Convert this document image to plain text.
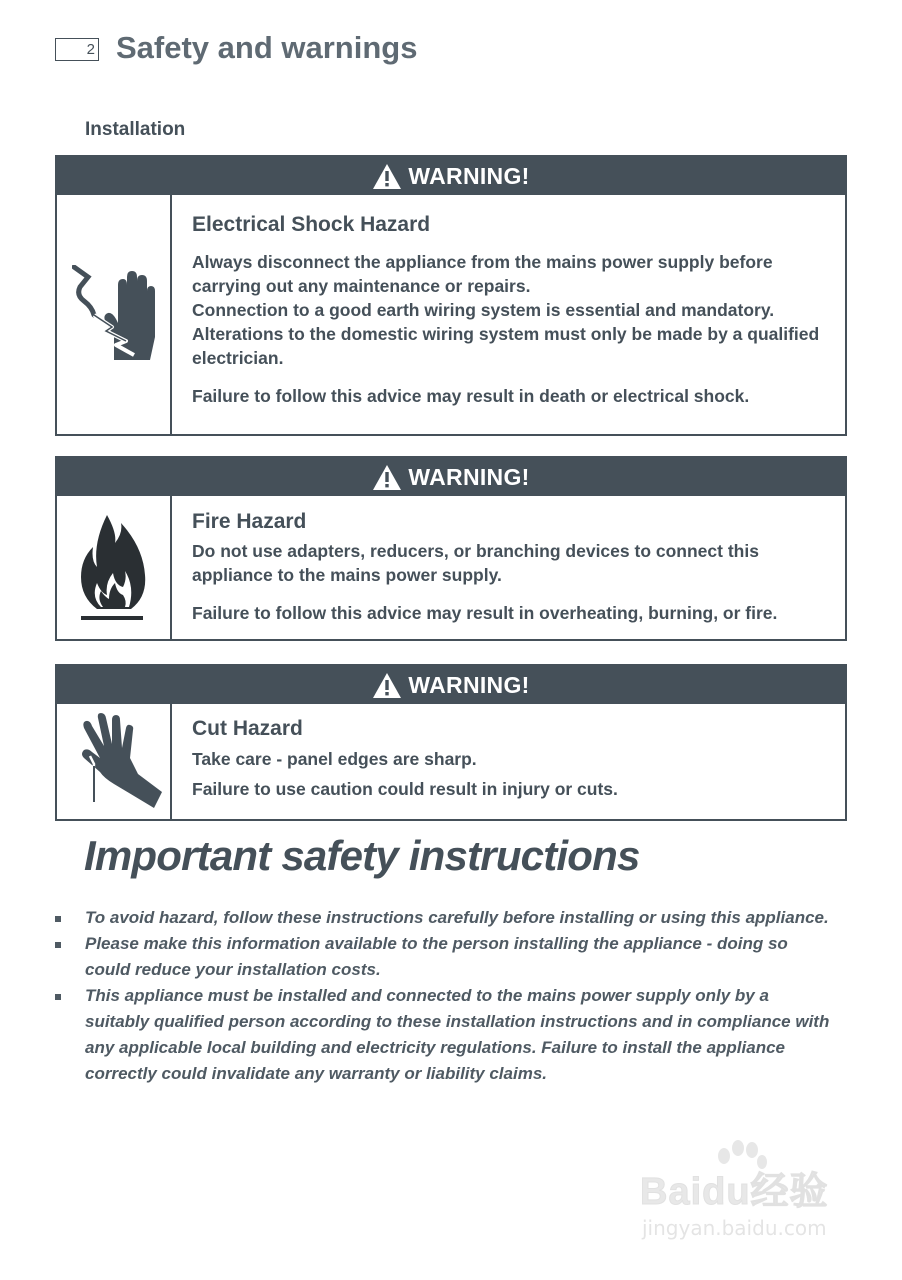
2 Safety and warnings
Installation
WARNING!
Electrical Shock Hazard
Always disconnect the appliance from the mains power supply before carrying out any maintenance or repairs.
Connection to a good earth wiring system is essential and mandatory.
Alterations to the domestic wiring system must only be made by a qualified electrician.
Failure to follow this advice may result in death or electrical shock.
WARNING!
Fire Hazard
Do not use adapters, reducers, or branching devices to connect this appliance to the mains power supply.
Failure to follow this advice may result in overheating, burning, or fire.
WARNING!
Cut Hazard
Take care - panel edges are sharp.
Failure to use caution could result in injury or cuts.
Important safety instructions
To avoid hazard, follow these instructions carefully before installing or using this appliance.
Please make this information available to the person installing the appliance - doing so could reduce your installation costs.
This appliance must be installed and connected to the mains power supply only by a suitably qualified person according to these installation instructions and in compliance with any applicable local building and electricity regulations. Failure to install the appliance correctly could invalidate any warranty or liability claims.
Baidu经验
jingyan.baidu.com
